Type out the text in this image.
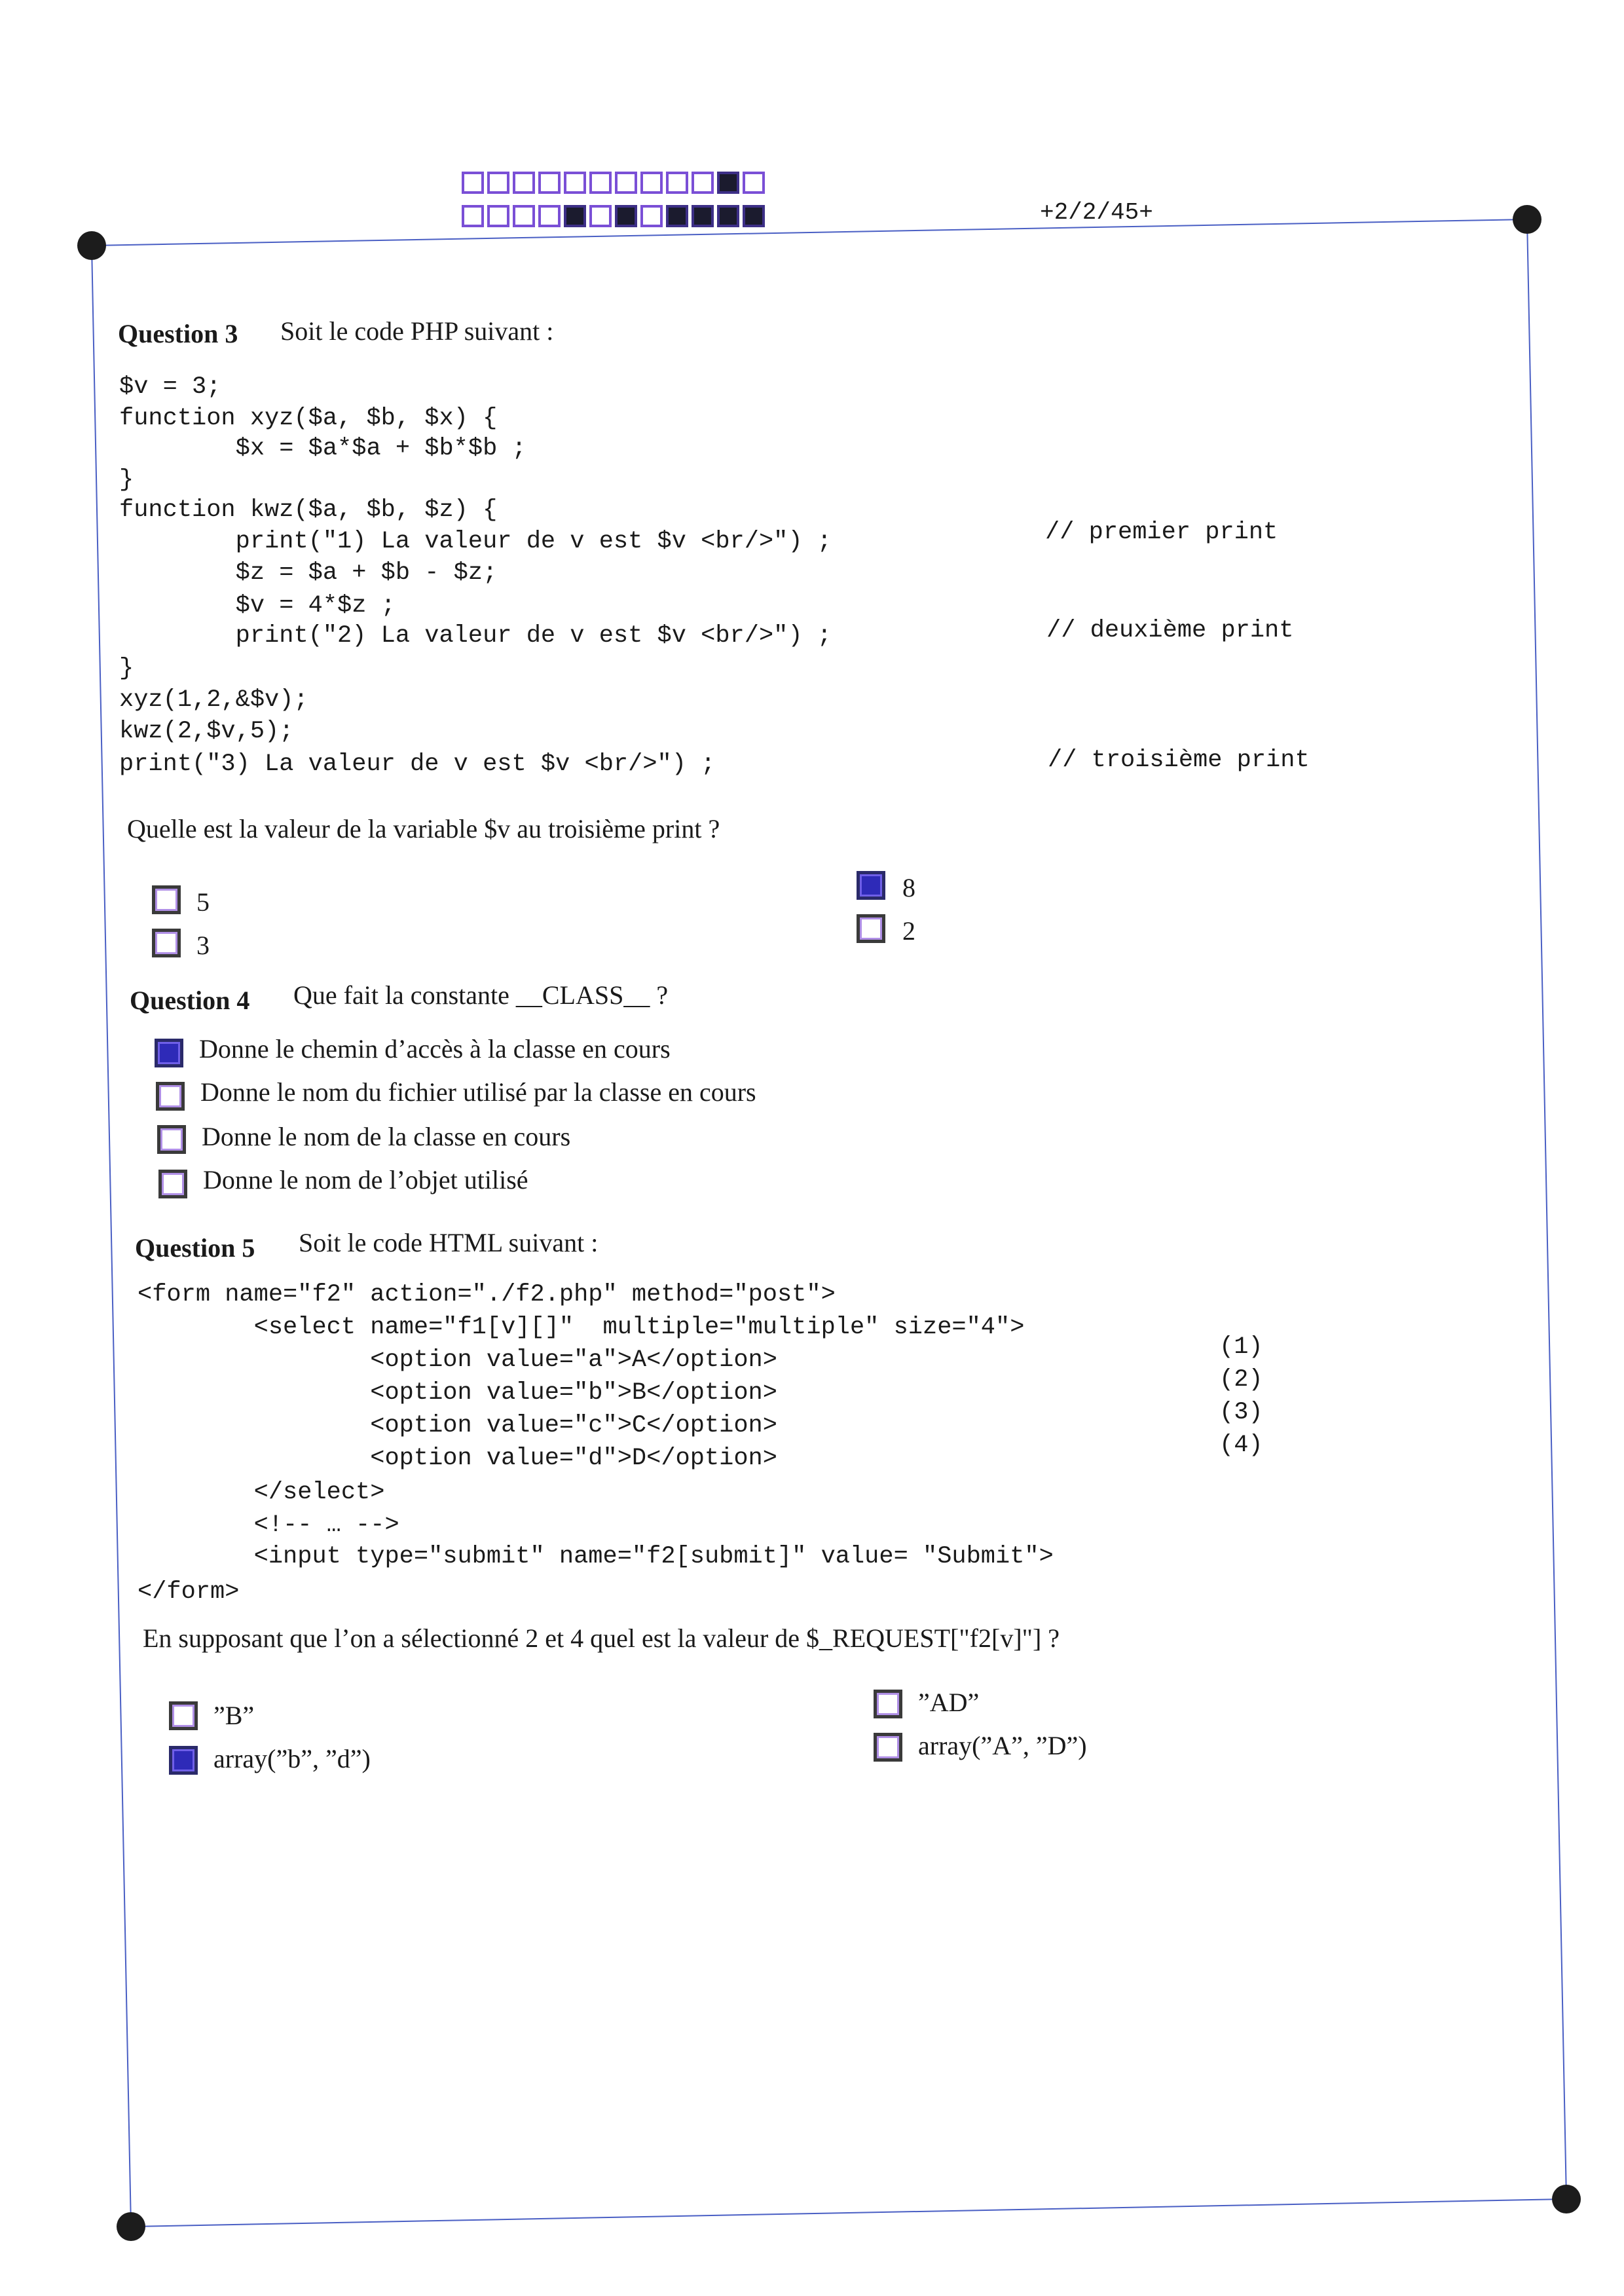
+2/2/45+
Question 3 Soit le code PHP suivant :
$v = 3;
function xyz($a, $b, $x) {
$x = $a*$a + $b*$b ;
}
function kwz($a, $b, $z) {
print("1) La valeur de v est $v <br/>") ;
$z = $a + $b - $z;
$v = 4*$z ;
print("2) La valeur de v est $v <br/>") ;
}
xyz(1,2,&$v);
kwz(2,$v,5);
print("3) La valeur de v est $v <br/>") ;
// premier print
// deuxième print
// troisième print
Quelle est la valeur de la variable $v au troisième print ?
5
3
8
2
Question 4 Que fait la constante __CLASS__ ?
Donne le chemin d’accès à la classe en cours
Donne le nom du fichier utilisé par la classe en cours
Donne le nom de la classe en cours
Donne le nom de l’objet utilisé
Question 5 Soit le code HTML suivant :
<form name="f2" action="./f2.php" method="post">
<select name="f1[v][]"  multiple="multiple" size="4">
<option value="a">A</option>
<option value="b">B</option>
<option value="c">C</option>
<option value="d">D</option>
</select>
<!-- … -->
<input type="submit" name="f2[submit]" value= "Submit">
</form>
(1)
(2)
(3)
(4)
En supposant que l’on a sélectionné 2 et 4 quel est la valeur de $_REQUEST["f2[v]"] ?
”B”
array(”b”, ”d”)
”AD”
array(”A”, ”D”)
